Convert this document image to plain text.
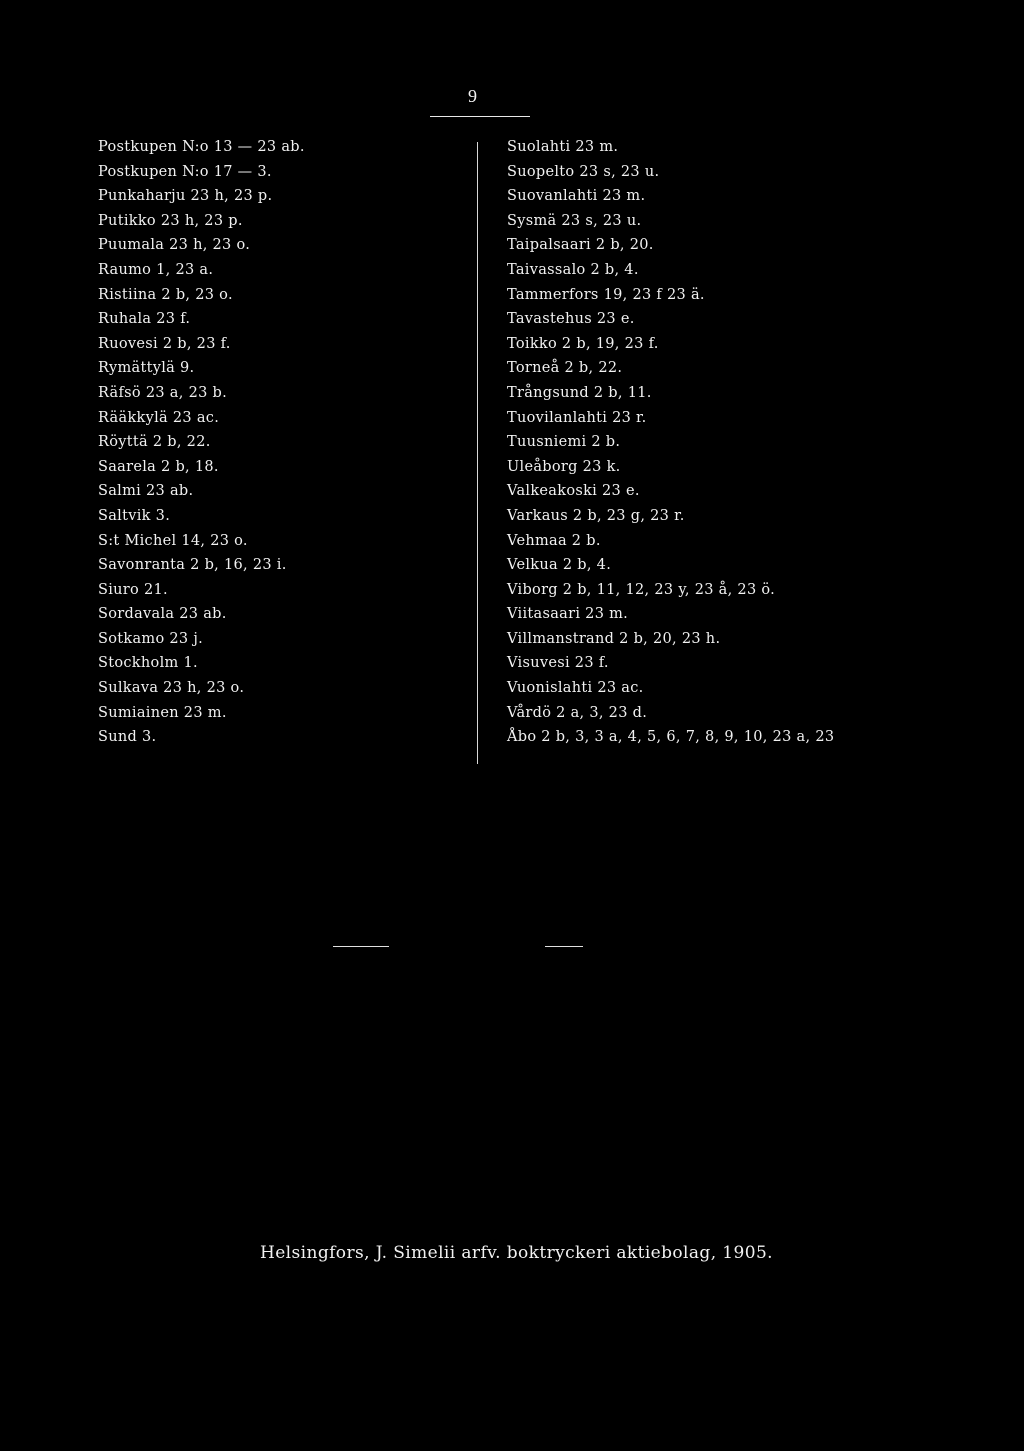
9
Postkupen N:o 13 — 23 ab.
Postkupen N:o 17 — 3.
Punkaharju 23 h, 23 p.
Putikko 23 h, 23 p.
Puumala 23 h, 23 o.
Raumo 1, 23 a.
Ristiina 2 b, 23 o.
Ruhala 23 f.
Ruovesi 2 b, 23 f.
Rymättylä 9.
Räfsö 23 a, 23 b.
Rääkkylä 23 ac.
Röyttä 2 b, 22.
Saarela 2 b, 18.
Salmi 23 ab.
Saltvik 3.
S:t Michel 14, 23 o.
Savonranta 2 b, 16, 23 i.
Siuro 21.
Sordavala 23 ab.
Sotkamo 23 j.
Stockholm 1.
Sulkava 23 h, 23 o.
Sumiainen 23 m.
Sund 3.
Suolahti 23 m.
Suopelto 23 s, 23 u.
Suovanlahti 23 m.
Sysmä 23 s, 23 u.
Taipalsaari 2 b, 20.
Taivassalo 2 b, 4.
Tammerfors 19, 23 f 23 ä.
Tavastehus 23 e.
Toikko 2 b, 19, 23 f.
Torneå 2 b, 22.
Trångsund 2 b, 11.
Tuovilanlahti 23 r.
Tuusniemi 2 b.
Uleåborg 23 k.
Valkeakoski 23 e.
Varkaus 2 b, 23 g, 23 r.
Vehmaa 2 b.
Velkua 2 b, 4.
Viborg 2 b, 11, 12, 23 y, 23 å, 23 ö.
Viitasaari 23 m.
Villmanstrand 2 b, 20, 23 h.
Visuvesi 23 f.
Vuonislahti 23 ac.
Vårdö 2 a, 3, 23 d.
Åbo 2 b, 3, 3 a, 4, 5, 6, 7, 8, 9, 10, 23 a, 23
Helsingfors, J. Simelii arfv. boktryckeri aktiebolag, 1905.
